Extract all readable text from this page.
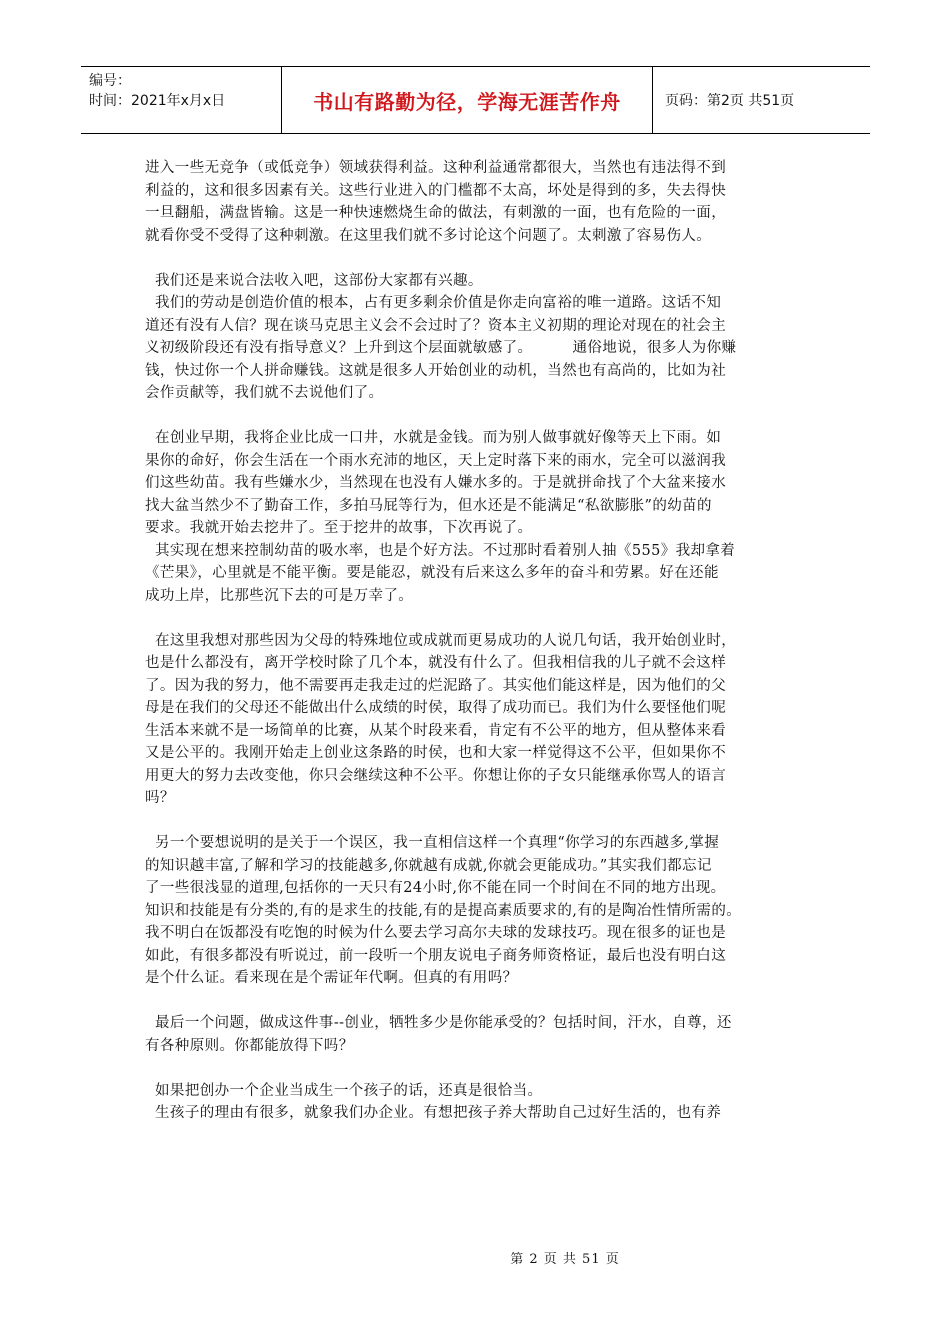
编号：
时间：2021年x月x日	书山有路勤为径，学海无涯苦作舟	页码：第2页 共51页
进入一些无竞争（或低竞争）领域获得利益。这种利益通常都很大，当然也有违法得不到
利益的，这和很多因素有关。这些行业进入的门槛都不太高，坏处是得到的多，失去得快
一旦翻船，满盘皆输。这是一种快速燃烧生命的做法，有刺激的一面，也有危险的一面，
就看你受不受得了这种刺激。在这里我们就不多讨论这个问题了。太刺激了容易伤人。
我们还是来说合法收入吧，这部份大家都有兴趣。
我们的劳动是创造价值的根本，占有更多剩余价值是你走向富裕的唯一道路。这话不知
道还有没有人信？现在谈马克思主义会不会过时了？资本主义初期的理论对现在的社会主
义初级阶段还有没有指导意义？上升到这个层面就敏感了。        通俗地说，很多人为你赚
钱，快过你一个人拼命赚钱。这就是很多人开始创业的动机，当然也有高尚的，比如为社
会作贡献等，我们就不去说他们了。
在创业早期，我将企业比成一口井，水就是金钱。而为别人做事就好像等天上下雨。如
果你的命好，你会生活在一个雨水充沛的地区，天上定时落下来的雨水，完全可以滋润我
们这些幼苗。我有些嫌水少，当然现在也没有人嫌水多的。于是就拼命找了个大盆来接水
找大盆当然少不了勤奋工作，多拍马屁等行为，但水还是不能满足“私欲膨胀”的幼苗的
要求。我就开始去挖井了。至于挖井的故事，下次再说了。
其实现在想来控制幼苗的吸水率，也是个好方法。不过那时看着别人抽《555》我却拿着
《芒果》，心里就是不能平衡。要是能忍，就没有后来这么多年的奋斗和劳累。好在还能
成功上岸，比那些沉下去的可是万幸了。
在这里我想对那些因为父母的特殊地位或成就而更易成功的人说几句话，我开始创业时，
也是什么都没有，离开学校时除了几个本，就没有什么了。但我相信我的儿子就不会这样
了。因为我的努力，他不需要再走我走过的烂泥路了。其实他们能这样是，因为他们的父
母是在我们的父母还不能做出什么成绩的时侯，取得了成功而已。我们为什么要怪他们呢
生活本来就不是一场简单的比赛，从某个时段来看，肯定有不公平的地方，但从整体来看
又是公平的。我刚开始走上创业这条路的时侯，也和大家一样觉得这不公平，但如果你不
用更大的努力去改变他，你只会继续这种不公平。你想让你的子女只能继承你骂人的语言
吗？
另一个要想说明的是关于一个误区，我一直相信这样一个真理“你学习的东西越多,掌握
的知识越丰富,了解和学习的技能越多,你就越有成就,你就会更能成功。”其实我们都忘记
了一些很浅显的道理,包括你的一天只有24小时,你不能在同一个时间在不同的地方出现。
知识和技能是有分类的,有的是求生的技能,有的是提高素质要求的,有的是陶冶性情所需的。
我不明白在饭都没有吃饱的时候为什么要去学习高尔夫球的发球技巧。现在很多的证也是
如此，有很多都没有听说过，前一段听一个朋友说电子商务师资格证，最后也没有明白这
是个什么证。看来现在是个需证年代啊。但真的有用吗？
最后一个问题，做成这件事--创业，牺牲多少是你能承受的？包括时间，汗水，自尊，还
有各种原则。你都能放得下吗？
如果把创办一个企业当成生一个孩子的话，还真是很恰当。
生孩子的理由有很多，就象我们办企业。有想把孩子养大帮助自己过好生活的，也有养
第 2 页 共 51 页
